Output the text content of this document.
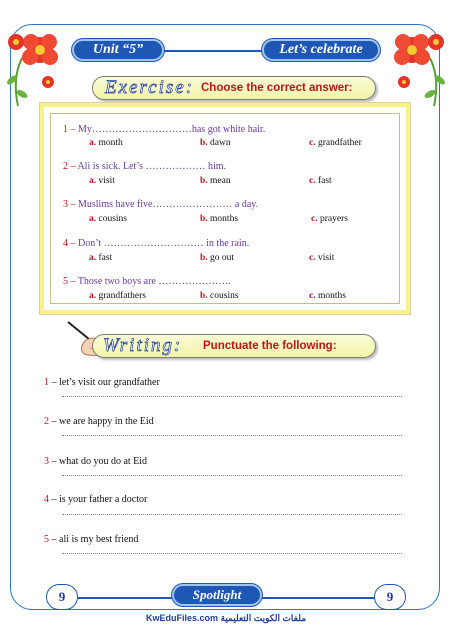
Unit “5”	Let’s celebrate
Exercise: Choose the correct answer:
1 – My…………………………has got white hair.
a. month	b. dawn	c. grandfather
2 – Ali is sick. Let’s ……………… him.
a. visit	b. mean	c. fast
3 – Muslims have five…………………… a day.
a. cousins	b. months	c. prayers
4 – Don’t ………………………… in the rain.
a. fast	b. go out	c. visit
5 – Those two boys are ………………….
a. grandfathers	b. cousins	c. months
Writing: Punctuate the following:
1 – let’s visit our grandfather
2 – we are happy in the Eid
3 – what do you do at Eid
4 – is your father a doctor
5 – ali is my best friend
9	9
Spotlight
KwEduFiles.com ملفات الكويت التعليمية
